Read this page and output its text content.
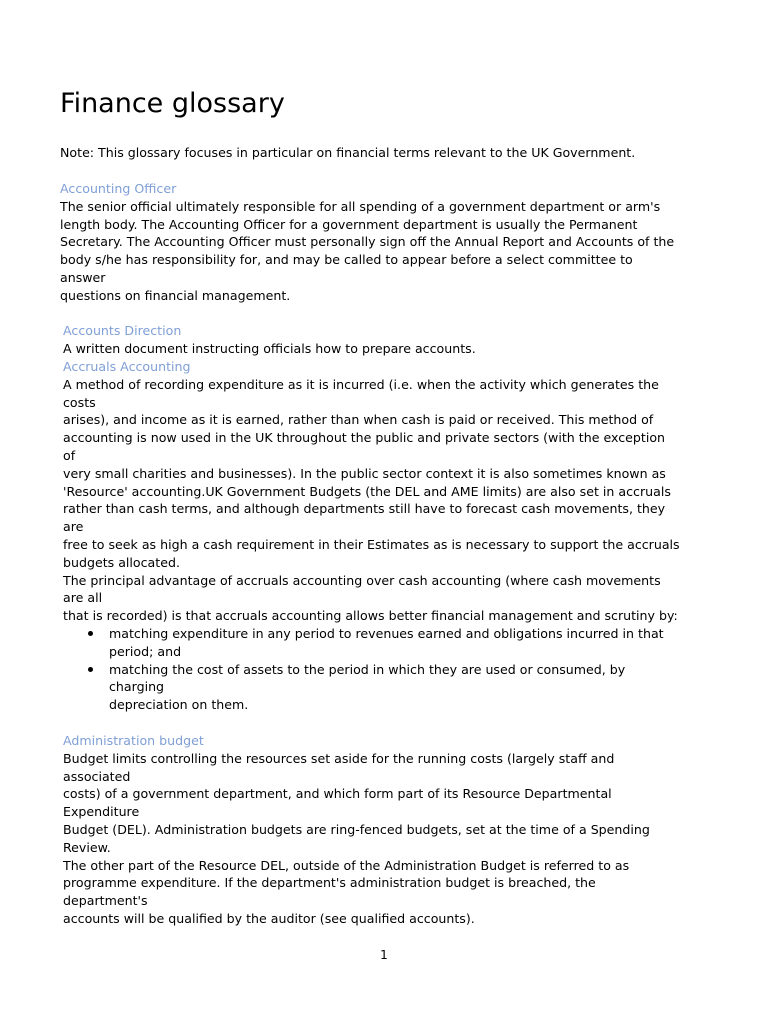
Finance glossary
Note: This glossary focuses in particular on financial terms relevant to the UK Government.
Accounting Officer
The senior official ultimately responsible for all spending of a government department or arm's
length body. The Accounting Officer for a government department is usually the Permanent
Secretary. The Accounting Officer must personally sign off the Annual Report and Accounts of the
body s/he has responsibility for, and may be called to appear before a select committee to
answer
questions on financial management.
Accounts Direction
A written document instructing officials how to prepare accounts.
Accruals Accounting
A method of recording expenditure as it is incurred (i.e. when the activity which generates the
costs
arises), and income as it is earned, rather than when cash is paid or received. This method of
accounting is now used in the UK throughout the public and private sectors (with the exception
of
very small charities and businesses). In the public sector context it is also sometimes known as
'Resource' accounting.UK Government Budgets (the DEL and AME limits) are also set in accruals
rather than cash terms, and although departments still have to forecast cash movements, they
are
free to seek as high a cash requirement in their Estimates as is necessary to support the accruals
budgets allocated.
The principal advantage of accruals accounting over cash accounting (where cash movements
are all
that is recorded) is that accruals accounting allows better financial management and scrutiny by:
matching expenditure in any period to revenues earned and obligations incurred in that
period; and
matching the cost of assets to the period in which they are used or consumed, by
charging
depreciation on them.
Administration budget
Budget limits controlling the resources set aside for the running costs (largely staff and
associated
costs) of a government department, and which form part of its Resource Departmental
Expenditure
Budget (DEL). Administration budgets are ring-fenced budgets, set at the time of a Spending
Review.
The other part of the Resource DEL, outside of the Administration Budget is referred to as
programme expenditure. If the department's administration budget is breached, the
department's
accounts will be qualified by the auditor (see qualified accounts).
1
